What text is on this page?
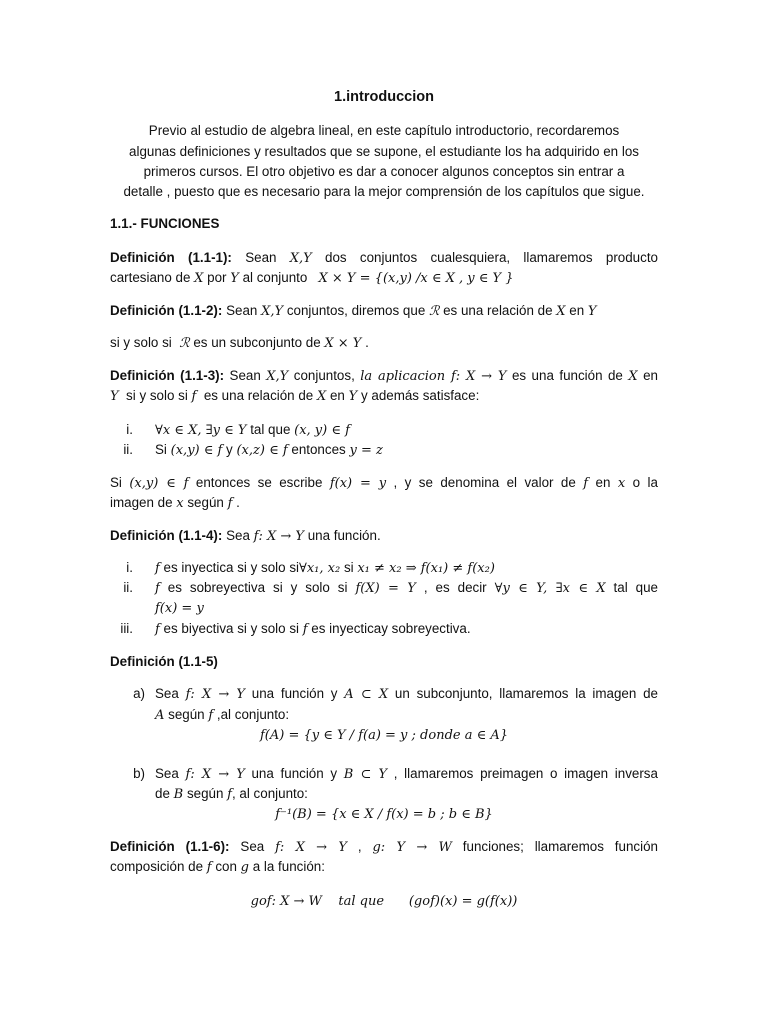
1.introduccion
Previo al estudio de algebra lineal, en este capítulo introductorio, recordaremos
algunas definiciones y resultados que se supone, el estudiante los ha adquirido en los
primeros cursos. El otro objetivo es dar a conocer algunos conceptos sin entrar a
detalle , puesto que es necesario para la mejor comprensión de los capítulos que sigue.
1.1.- FUNCIONES
Definición (1.1-1): Sean X,Y dos conjuntos cualesquiera, llamaremos producto
cartesiano de X por Y al conjunto X × Y = {(x,y) /x ∈ X , y ∈ Y }
Definición (1.1-2): Sean X,Y conjuntos, diremos que ℛ es una relación de X en Y
si y solo si ℛ es un subconjunto de X × Y .
Definición (1.1-3): Sean X,Y conjuntos, la aplicacion f: X → Y es una función de X en
Y si y solo si f es una relación de X en Y y además satisface:
i. ∀x ∈ X, ∃y ∈ Y tal que (x, y) ∈ f
ii. Si (x,y) ∈ f y (x,z) ∈ f entonces y = z
Si (x,y) ∈ f entonces se escribe f(x) = y , y se denomina el valor de f en x o la
imagen de x según f .
Definición (1.1-4): Sea f: X → Y una función.
i. f es inyectica si y solo si∀x₁, x₂ si x₁ ≠ x₂ ⇒ f(x₁) ≠ f(x₂)
ii. f es sobreyectiva si y solo si f(X) = Y , es decir ∀y ∈ Y, ∃x ∈ X tal que
f(x) = y
iii. f es biyectiva si y solo si f es inyecticay sobreyectiva.
Definición (1.1-5)
a) Sea f: X → Y una función y A ⊂ X un subconjunto, llamaremos la imagen de
A según f ,al conjunto:
f(A) = {y ∈ Y / f(a) = y ; donde a ∈ A}
b) Sea f: X → Y una función y B ⊂ Y , llamaremos preimagen o imagen inversa
de B según f, al conjunto:
f⁻¹(B) = {x ∈ X / f(x) = b ; b ∈ B}
Definición (1.1-6): Sea f: X → Y , g: Y → W funciones; llamaremos función
composición de f con g a la función:
gof: X → W    tal que      (gof)(x) = g(f(x))
